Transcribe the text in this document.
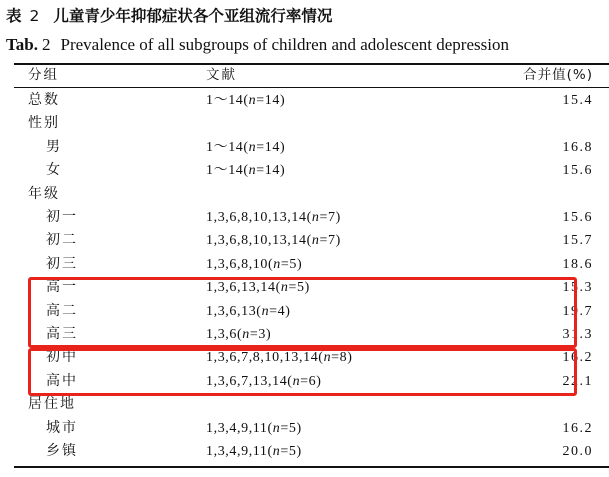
表 2 儿童青少年抑郁症状各个亚组流行率情况
Tab. 2 Prevalence of all subgroups of children and adolescent depression
分组	文献	合并值(%)
总数	1～14(n=14)	15.4
性别
男	1～14(n=14)	16.8
女	1～14(n=14)	15.6
年级
初一	1,3,6,8,10,13,14(n=7)	15.6
初二	1,3,6,8,10,13,14(n=7)	15.7
初三	1,3,6,8,10(n=5)	18.6
高一	1,3,6,13,14(n=5)	15.3
高二	1,3,6,13(n=4)	19.7
高三	1,3,6(n=3)	31.3
初中	1,3,6,7,8,10,13,14(n=8)	16.2
高中	1,3,6,7,13,14(n=6)	22.1
居住地
城市	1,3,4,9,11(n=5)	16.2
乡镇	1,3,4,9,11(n=5)	20.0
